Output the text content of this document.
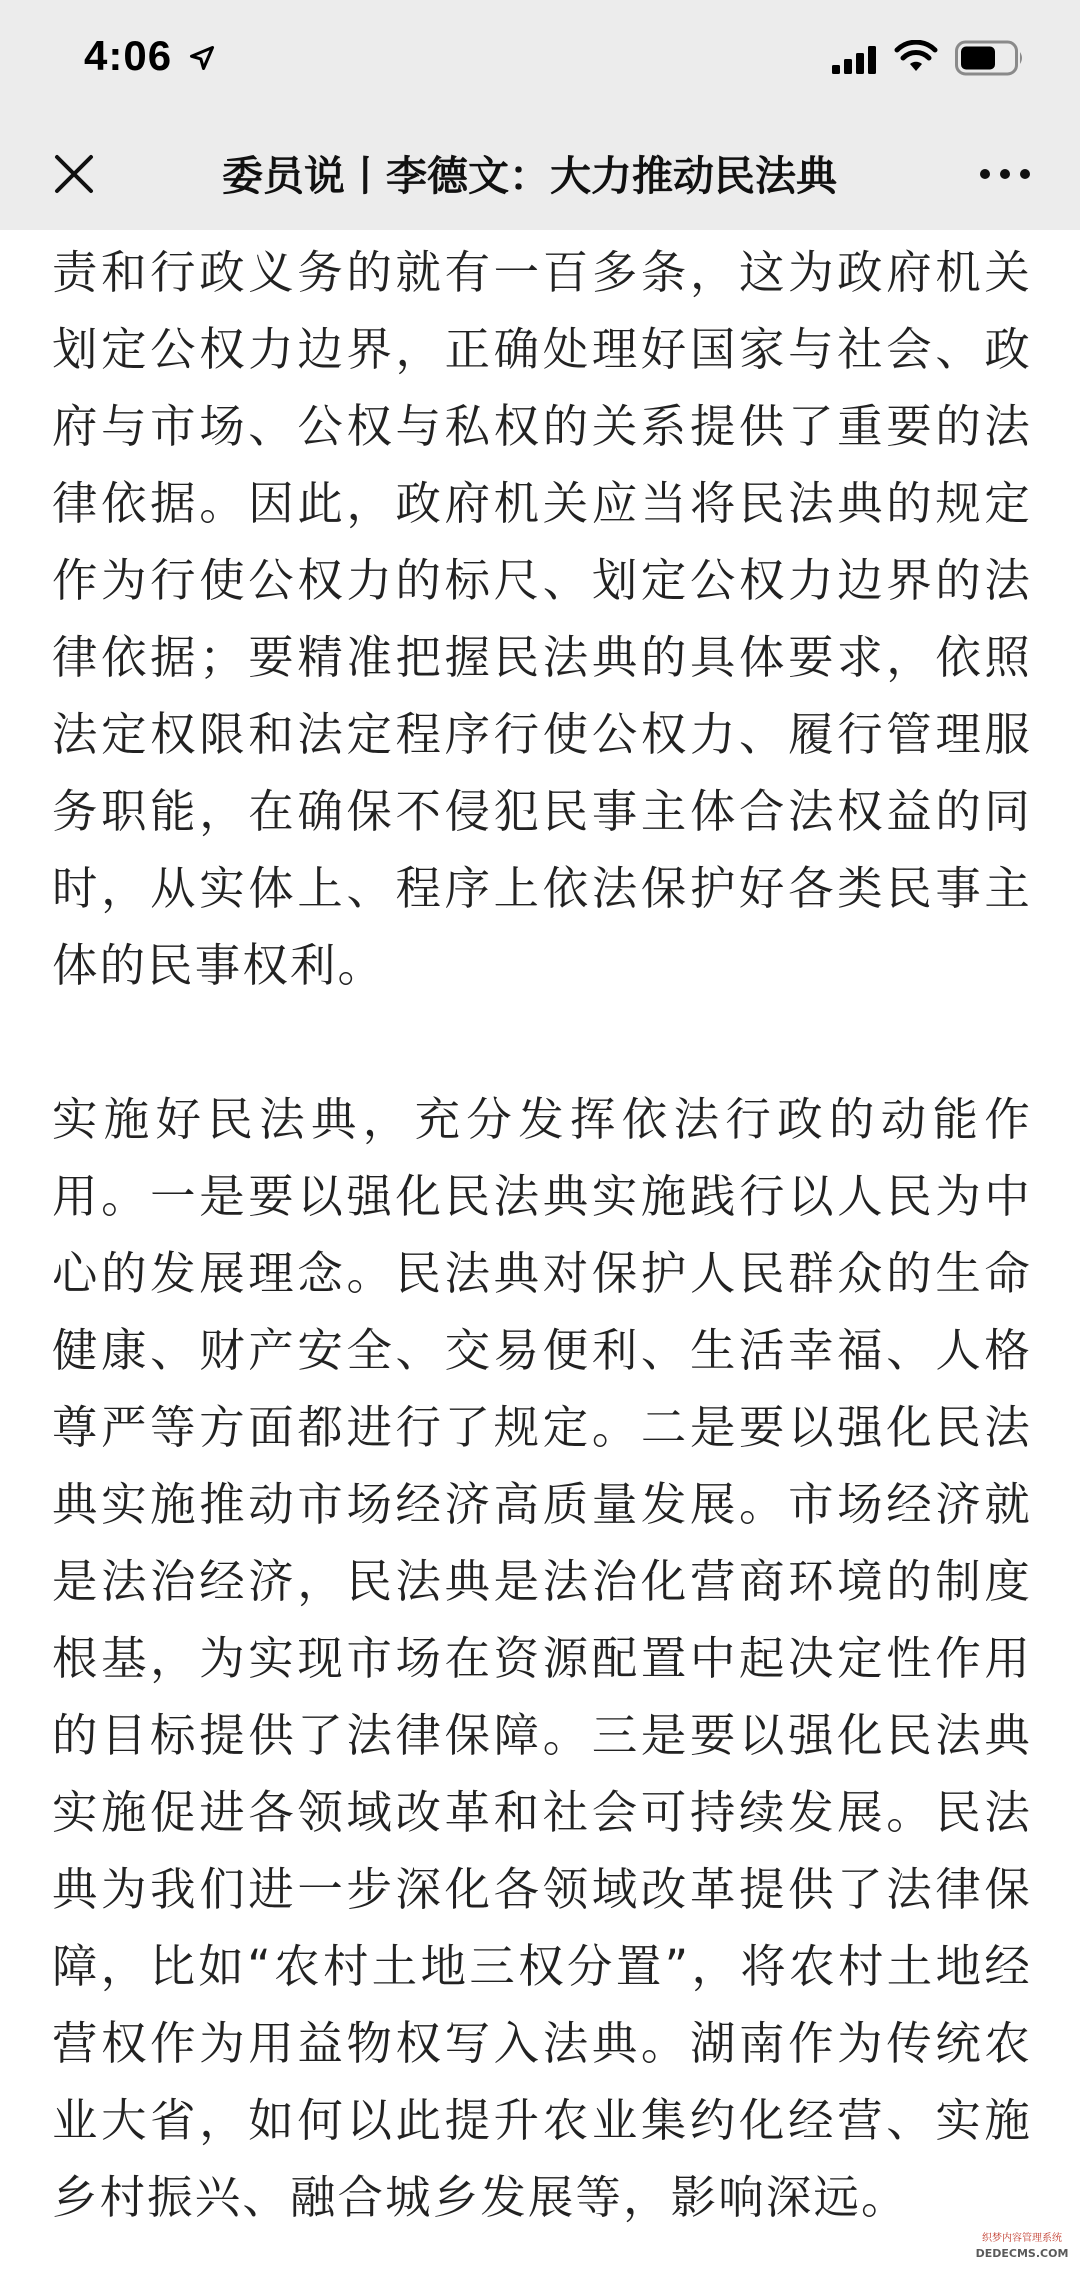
4:06
委员说丨李德文：大力推动民法典

责和行政义务的就有一百多条，这为政府机关划定公权力边界，正确处理好国家与社会、政府与市场、公权与私权的关系提供了重要的法律依据。因此，政府机关应当将民法典的规定作为行使公权力的标尺、划定公权力边界的法律依据；要精准把握民法典的具体要求，依照法定权限和法定程序行使公权力、履行管理服务职能，在确保不侵犯民事主体合法权益的同时，从实体上、程序上依法保护好各类民事主体的民事权利。

实施好民法典，充分发挥依法行政的动能作用。一是要以强化民法典实施践行以人民为中心的发展理念。民法典对保护人民群众的生命健康、财产安全、交易便利、生活幸福、人格尊严等方面都进行了规定。二是要以强化民法典实施推动市场经济高质量发展。市场经济就是法治经济，民法典是法治化营商环境的制度根基，为实现市场在资源配置中起决定性作用的目标提供了法律保障。三是要以强化民法典实施促进各领域改革和社会可持续发展。民法典为我们进一步深化各领域改革提供了法律保障，比如“农村土地三权分置”，将农村土地经营权作为用益物权写入法典。湖南作为传统农业大省，如何以此提升农业集约化经营、实施乡村振兴、融合城乡发展等，影响深远。

织梦内容管理系统
DEDECMS.COM
